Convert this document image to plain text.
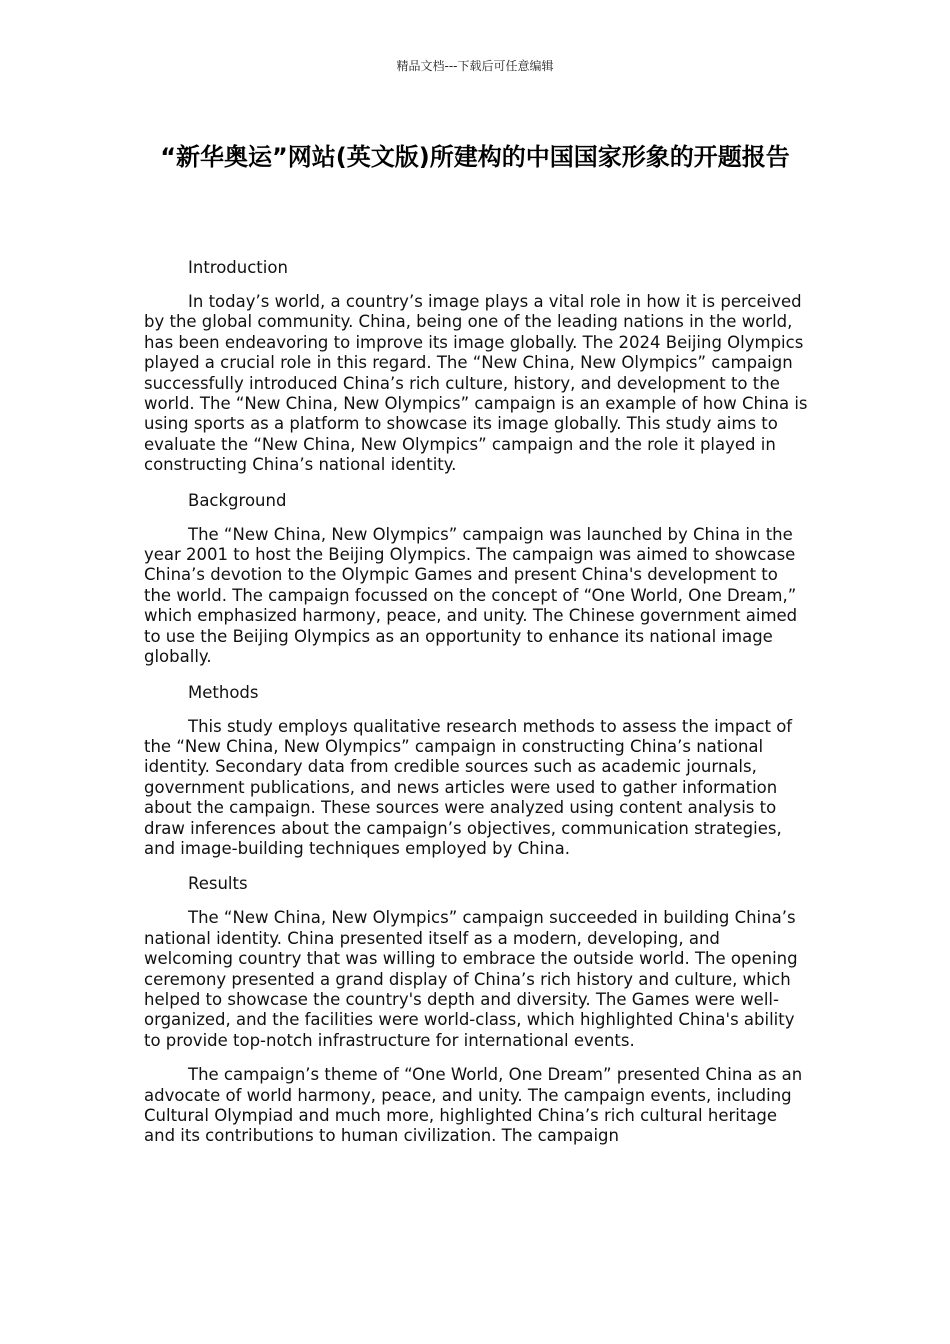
精品文档---下载后可任意编辑
“新华奥运”网站(英文版)所建构的中国国家形象的开题报告

Introduction

In today’s world, a country’s image plays a vital role in how it is perceived by the global community. China, being one of the leading nations in the world, has been endeavoring to improve its image globally. The 2024 Beijing Olympics played a crucial role in this regard. The “New China, New Olympics” campaign successfully introduced China’s rich culture, history, and development to the world. The “New China, New Olympics” campaign is an example of how China is using sports as a platform to showcase its image globally. This study aims to evaluate the “New China, New Olympics” campaign and the role it played in constructing China’s national identity.

Background

The “New China, New Olympics” campaign was launched by China in the year 2001 to host the Beijing Olympics. The campaign was aimed to showcase China’s devotion to the Olympic Games and present China's development to the world. The campaign focussed on the concept of “One World, One Dream,” which emphasized harmony, peace, and unity. The Chinese government aimed to use the Beijing Olympics as an opportunity to enhance its national image globally.

Methods

This study employs qualitative research methods to assess the impact of the “New China, New Olympics” campaign in constructing China’s national identity. Secondary data from credible sources such as academic journals, government publications, and news articles were used to gather information about the campaign. These sources were analyzed using content analysis to draw inferences about the campaign’s objectives, communication strategies, and image-building techniques employed by China.

Results

The “New China, New Olympics” campaign succeeded in building China’s national identity. China presented itself as a modern, developing, and welcoming country that was willing to embrace the outside world. The opening ceremony presented a grand display of China’s rich history and culture, which helped to showcase the country's depth and diversity. The Games were well-organized, and the facilities were world-class, which highlighted China's ability to provide top-notch infrastructure for international events.

The campaign’s theme of “One World, One Dream” presented China as an advocate of world harmony, peace, and unity. The campaign events, including Cultural Olympiad and much more, highlighted China’s rich cultural heritage and its contributions to human civilization. The campaign
